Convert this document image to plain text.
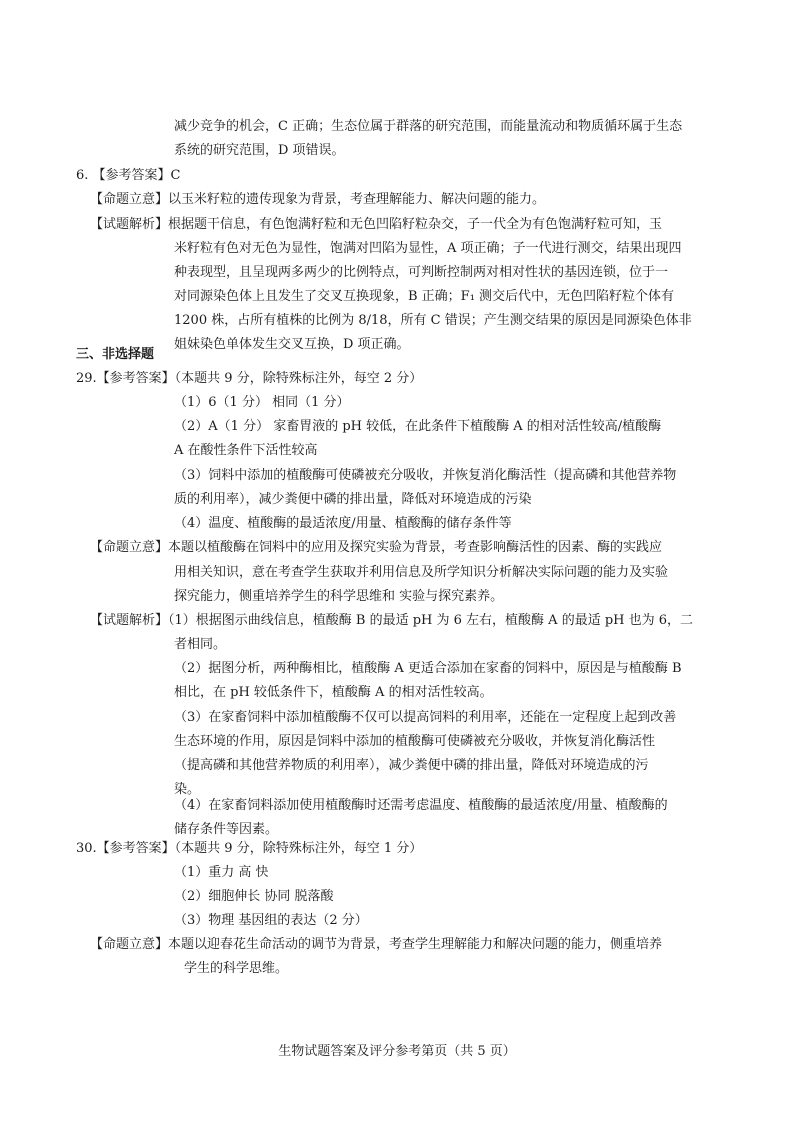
减少竞争的机会，C 正确；生态位属于群落的研究范围，而能量流动和物质循环属于生态
系统的研究范围，D 项错误。
6. 【参考答案】C
【命题立意】以玉米籽粒的遗传现象为背景，考查理解能力、解决问题的能力。
【试题解析】根据题干信息，有色饱满籽粒和无色凹陷籽粒杂交，子一代全为有色饱满籽粒可知，玉
米籽粒有色对无色为显性，饱满对凹陷为显性，A 项正确；子一代进行测交，结果出现四
种表现型，且呈现两多两少的比例特点，可判断控制两对相对性状的基因连锁，位于一
对同源染色体上且发生了交叉互换现象，B 正确；F₁ 测交后代中，无色凹陷籽粒个体有
1200 株，占所有植株的比例为 8/18，所有 C 错误；产生测交结果的原因是同源染色体非
姐妹染色单体发生交叉互换，D 项正确。
三、非选择题
29.【参考答案】（本题共 9 分，除特殊标注外，每空 2 分）
（1）6（1 分） 相同（1 分）
（2）A（1 分） 家畜胃液的 pH 较低，在此条件下植酸酶 A 的相对活性较高/植酸酶
A 在酸性条件下活性较高
（3）饲料中添加的植酸酶可使磷被充分吸收，并恢复消化酶活性（提高磷和其他营养物
质的利用率），减少粪便中磷的排出量，降低对环境造成的污染
（4）温度、植酸酶的最适浓度/用量、植酸酶的储存条件等
【命题立意】本题以植酸酶在饲料中的应用及探究实验为背景，考查影响酶活性的因素、酶的实践应
用相关知识，意在考查学生获取并利用信息及所学知识分析解决实际问题的能力及实验
探究能力，侧重培养学生的科学思维和 实验与探究素养。
【试题解析】（1）根据图示曲线信息，植酸酶 B 的最适 pH 为 6 左右，植酸酶 A 的最适 pH 也为 6，二
者相同。
（2）据图分析，两种酶相比，植酸酶 A 更适合添加在家畜的饲料中，原因是与植酸酶 B
相比，在 pH 较低条件下，植酸酶 A 的相对活性较高。
（3）在家畜饲料中添加植酸酶不仅可以提高饲料的利用率，还能在一定程度上起到改善
生态环境的作用，原因是饲料中添加的植酸酶可使磷被充分吸收，并恢复消化酶活性
（提高磷和其他营养物质的利用率），减少粪便中磷的排出量，降低对环境造成的污
染。
（4）在家畜饲料添加使用植酸酶时还需考虑温度、植酸酶的最适浓度/用量、植酸酶的
储存条件等因素。
30.【参考答案】（本题共 9 分，除特殊标注外，每空 1 分）
（1）重力 高 快
（2）细胞伸长 协同 脱落酸
（3）物理 基因组的表达（2 分）
【命题立意】本题以迎春花生命活动的调节为背景，考查学生理解能力和解决问题的能力，侧重培养
学生的科学思维。
生物试题答案及评分参考第页（共 5 页）
